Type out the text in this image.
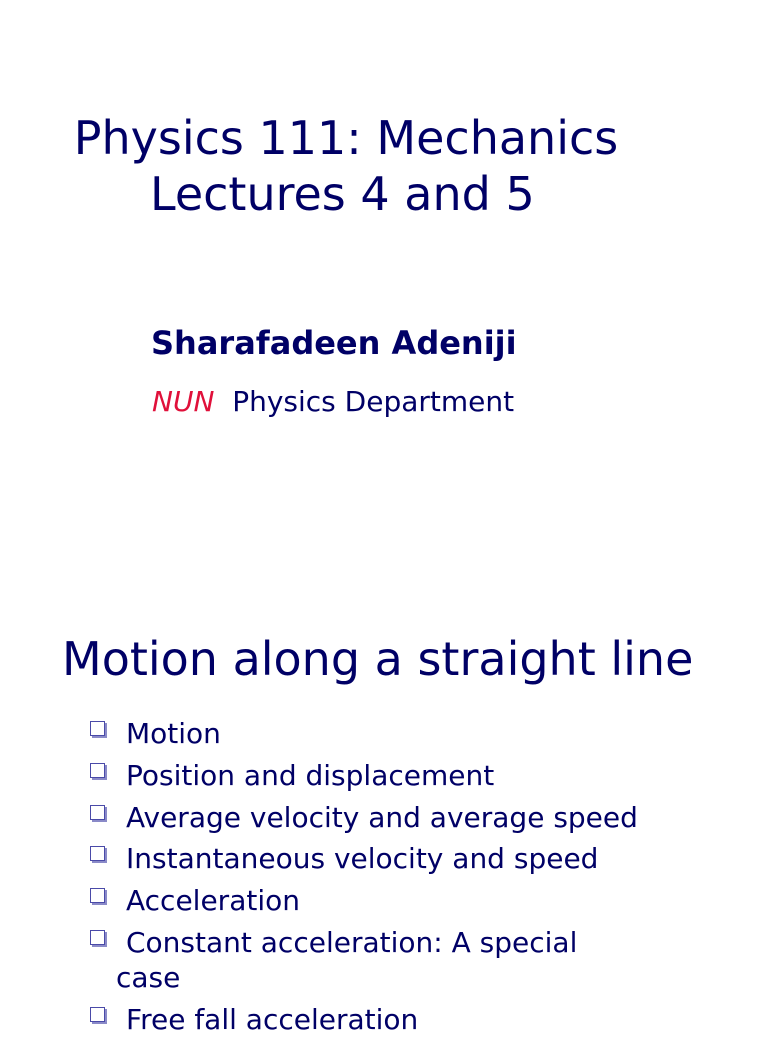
Physics 111: Mechanics
Lectures 4 and 5
Sharafadeen Adeniji
NUN Physics Department
Motion along a straight line
Motion
Position and displacement
Average velocity and average speed
Instantaneous velocity and speed
Acceleration
Constant acceleration: A special
case
Free fall acceleration
